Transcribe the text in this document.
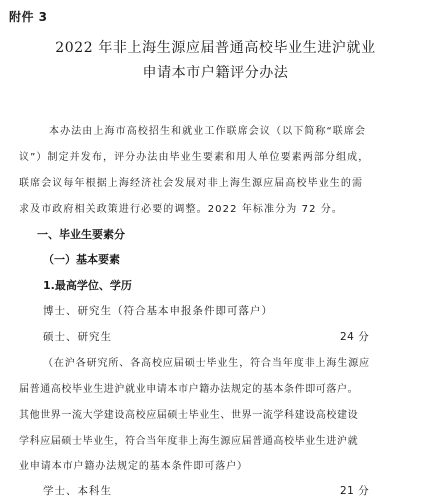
附件 3
2022 年非上海生源应届普通高校毕业生进沪就业
申请本市户籍评分办法
本办法由上海市高校招生和就业工作联席会议（以下简称“联席会
议”）制定并发布，评分办法由毕业生要素和用人单位要素两部分组成，
联席会议每年根据上海经济社会发展对非上海生源应届高校毕业生的需
求及市政府相关政策进行必要的调整。2022 年标准分为 72 分。
一、毕业生要素分
（一）基本要素
1.最高学位、学历
博士、研究生（符合基本申报条件即可落户）
硕士、研究生	24 分
（在沪各研究所、各高校应届硕士毕业生，符合当年度非上海生源应
届普通高校毕业生进沪就业申请本市户籍办法规定的基本条件即可落户。
其他世界一流大学建设高校应届硕士毕业生、世界一流学科建设高校建设
学科应届硕士毕业生，符合当年度非上海生源应届普通高校毕业生进沪就
业申请本市户籍办法规定的基本条件即可落户）
学士、本科生	21 分
